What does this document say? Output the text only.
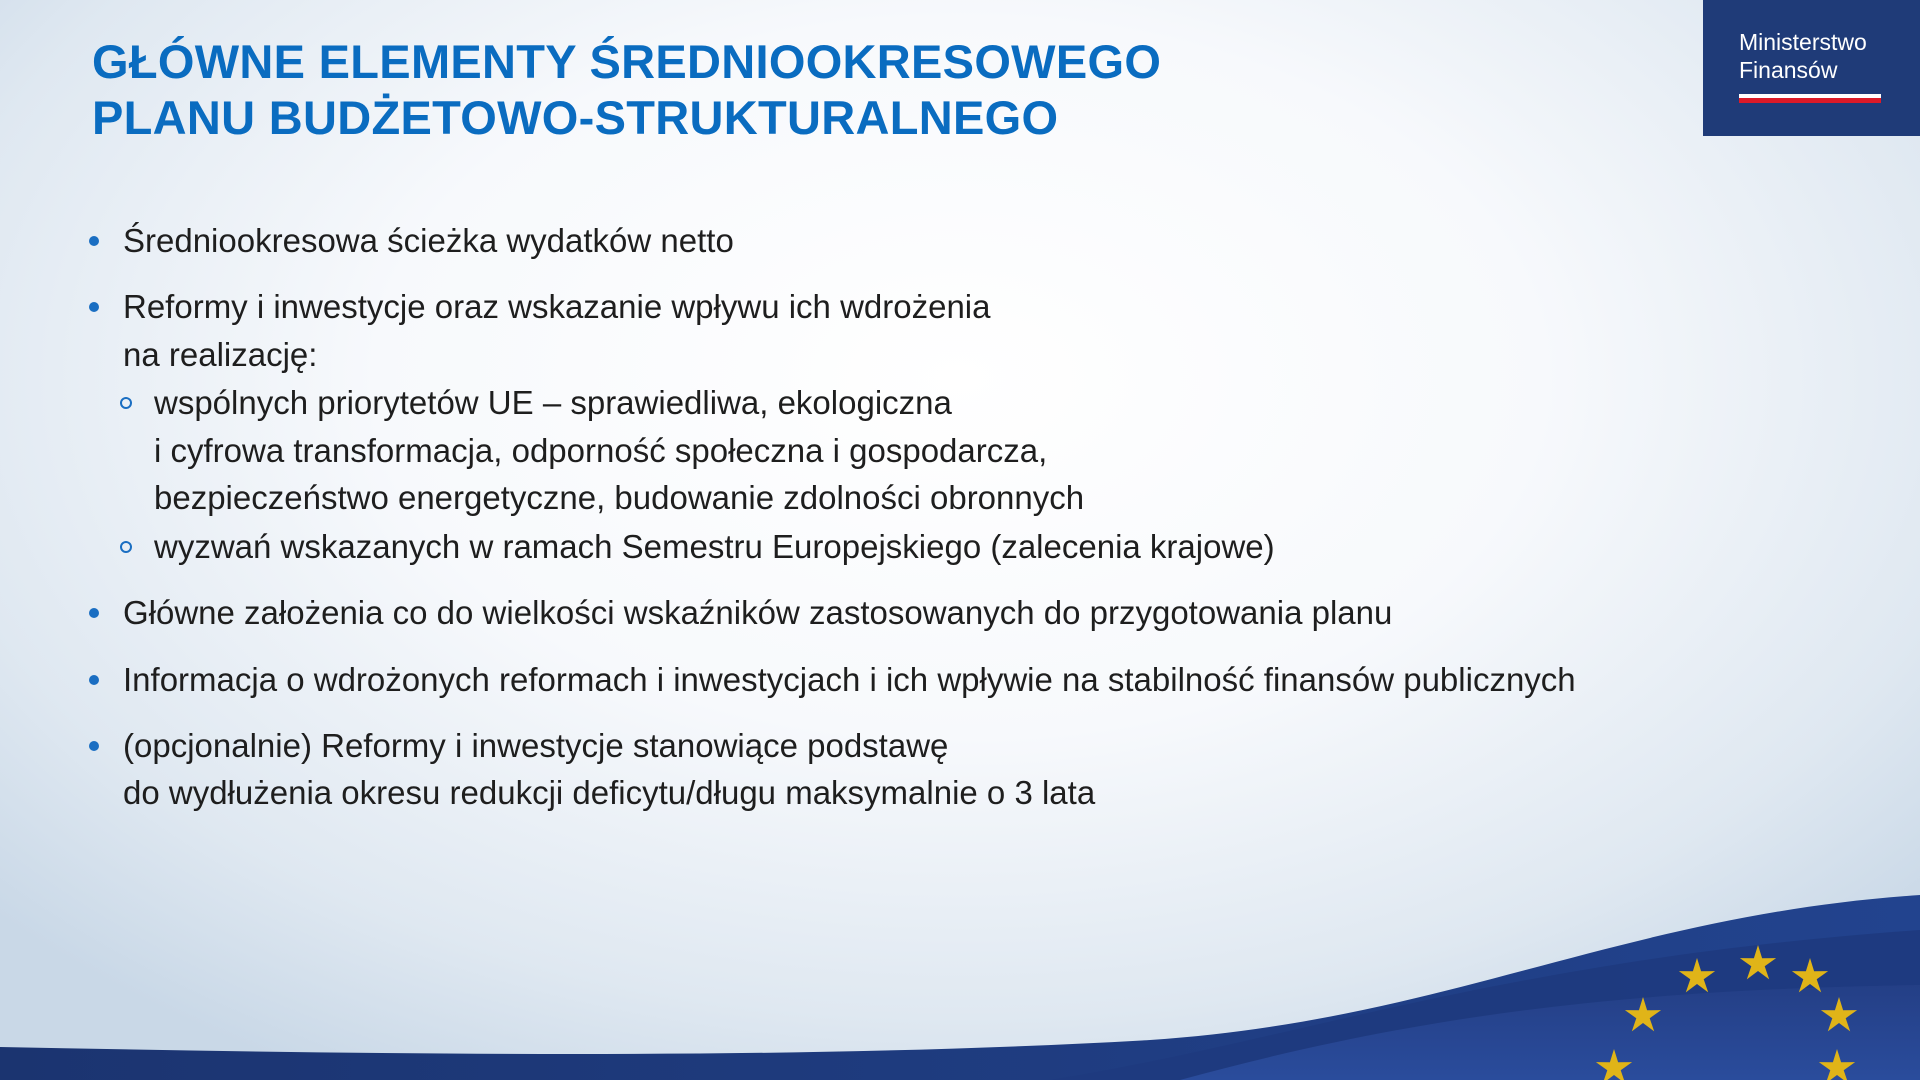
GŁÓWNE ELEMENTY ŚREDNIOOKRESOWEGO
PLANU BUDŻETOWO-STRUKTURALNEGO
Ministerstwo
Finansów
Średniookresowa ścieżka wydatków netto
Reformy i inwestycje oraz wskazanie wpływu ich wdrożenia
na realizację:
wspólnych priorytetów UE – sprawiedliwa, ekologiczna
i cyfrowa transformacja, odporność społeczna i gospodarcza,
bezpieczeństwo energetyczne, budowanie zdolności obronnych
wyzwań wskazanych w ramach Semestru Europejskiego (zalecenia krajowe)
Główne założenia co do wielkości wskaźników zastosowanych do przygotowania planu
Informacja o wdrożonych reformach i inwestycjach i ich wpływie na stabilność finansów publicznych
(opcjonalnie) Reformy i inwestycje stanowiące podstawę
do wydłużenia okresu redukcji deficytu/długu maksymalnie o 3 lata
